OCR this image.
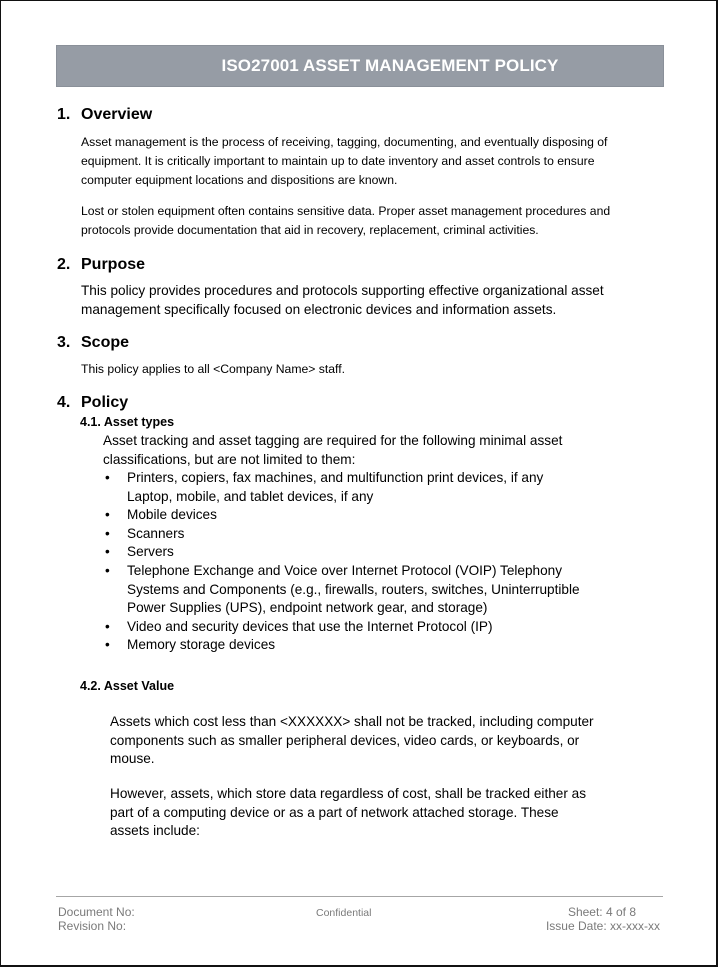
ISO27001 ASSET MANAGEMENT POLICY
1. Overview
Asset management is the process of receiving, tagging, documenting, and eventually disposing of
equipment. It is critically important to maintain up to date inventory and asset controls to ensure
computer equipment locations and dispositions are known.
Lost or stolen equipment often contains sensitive data. Proper asset management procedures and
protocols provide documentation that aid in recovery, replacement, criminal activities.
2. Purpose
This policy provides procedures and protocols supporting effective organizational asset
management specifically focused on electronic devices and information assets.
3. Scope
This policy applies to all <Company Name> staff.
4. Policy
4.1. Asset types
Asset tracking and asset tagging are required for the following minimal asset
classifications, but are not limited to them:
• Printers, copiers, fax machines, and multifunction print devices, if any
Laptop, mobile, and tablet devices, if any
• Mobile devices
• Scanners
• Servers
• Telephone Exchange and Voice over Internet Protocol (VOIP) Telephony
Systems and Components (e.g., firewalls, routers, switches, Uninterruptible
Power Supplies (UPS), endpoint network gear, and storage)
• Video and security devices that use the Internet Protocol (IP)
• Memory storage devices
4.2. Asset Value
Assets which cost less than <XXXXXX> shall not be tracked, including computer
components such as smaller peripheral devices, video cards, or keyboards, or
mouse.
However, assets, which store data regardless of cost, shall be tracked either as
part of a computing device or as a part of network attached storage. These
assets include:
Document No:
Revision No:
Confidential	Sheet: 4 of 8
Issue Date: xx-xxx-xx
